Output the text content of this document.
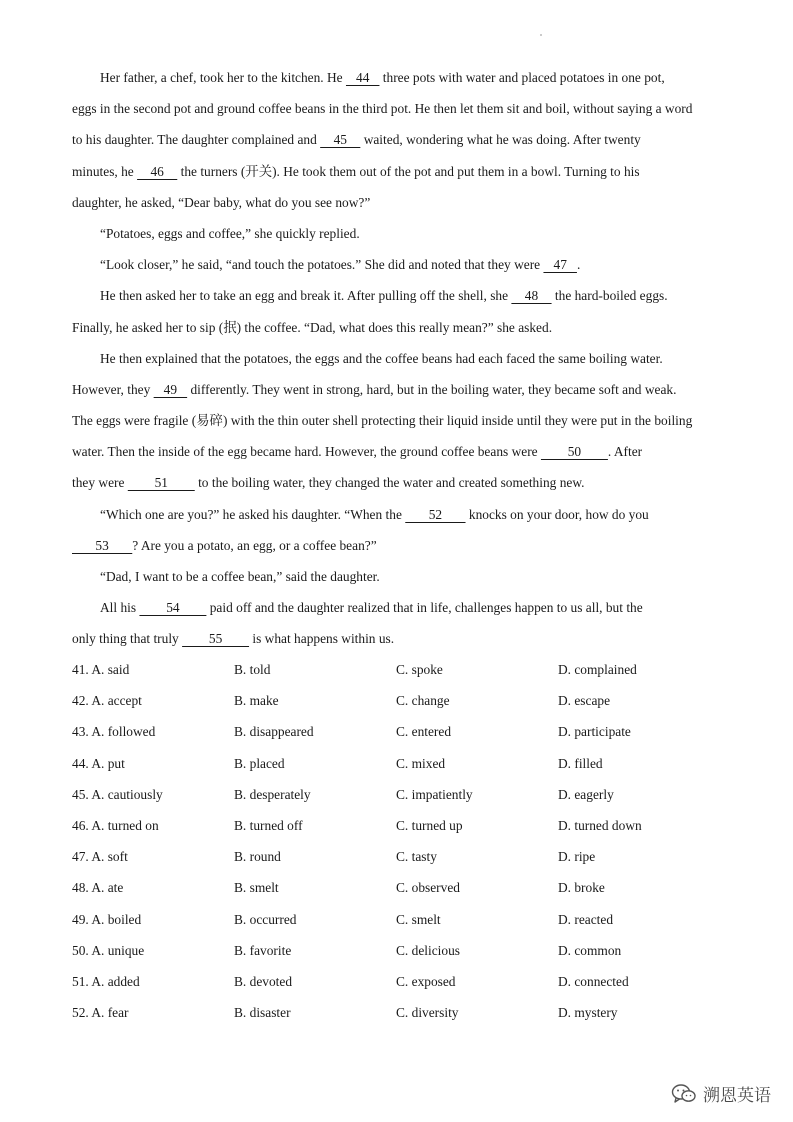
Her father, a chef, took her to the kitchen. He    44    three pots with water and placed potatoes in one pot,
eggs in the second pot and ground coffee beans in the third pot. He then let them sit and boil, without saying a word
to his daughter. The daughter complained and     45     waited, wondering what he was doing. After twenty
minutes, he     46     the turners (开关). He took them out of the pot and put them in a bowl. Turning to his
daughter, he asked, “Dear baby, what do you see now?”
“Potatoes, eggs and coffee,” she quickly replied.
“Look closer,” he said, “and touch the potatoes.” She did and noted that they were    47   .
He then asked her to take an egg and break it. After pulling off the shell, she     48     the hard-boiled eggs.
Finally, he asked her to sip (抿) the coffee. “Dad, what does this really mean?” she asked.
He then explained that the potatoes, the eggs and the coffee beans had each faced the same boiling water.
However, they    49    differently. They went in strong, hard, but in the boiling water, they became soft and weak.
The eggs were fragile (易碎) with the thin outer shell protecting their liquid inside until they were put in the boiling
water. Then the inside of the egg became hard. However, the ground coffee beans were         50        . After
they were         51         to the boiling water, they changed the water and created something new.
“Which one are you?” he asked his daughter. “When the        52        knocks on your door, how do you
53       ? Are you a potato, an egg, or a coffee bean?”
“Dad, I want to be a coffee bean,” said the daughter.
All his         54         paid off and the daughter realized that in life, challenges happen to us all, but the
only thing that truly         55         is what happens within us.
41. A. said	B. told	C. spoke	D. complained
42. A. accept	B. make	C. change	D. escape
43. A. followed	B. disappeared	C. entered	D. participate
44. A. put	B. placed	C. mixed	D. filled
45. A. cautiously	B. desperately	C. impatiently	D. eagerly
46. A. turned on	B. turned off	C. turned up	D. turned down
47. A. soft	B. round	C. tasty	D. ripe
48. A. ate	B. smelt	C. observed	D. broke
49. A. boiled	B. occurred	C. smelt	D. reacted
50. A. unique	B. favorite	C. delicious	D. common
51. A. added	B. devoted	C. exposed	D. connected
52. A. fear	B. disaster	C. diversity	D. mystery
溯恩英语
